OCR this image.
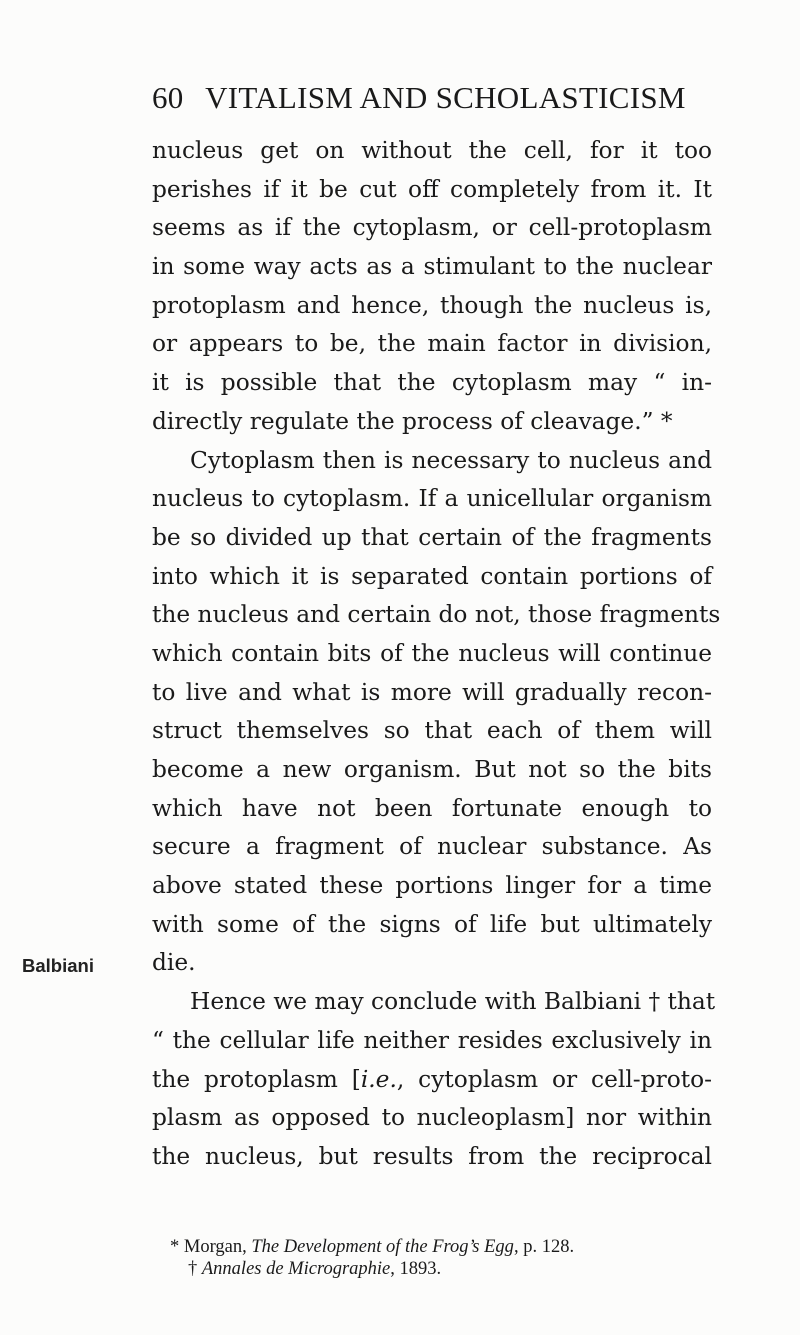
60 VITALISM AND SCHOLASTICISM
Balbiani
nucleus get on without the cell, for it too
perishes if it be cut off completely from it. It
seems as if the cytoplasm, or cell-protoplasm
in some way acts as a stimulant to the nuclear
protoplasm and hence, though the nucleus is,
or appears to be, the main factor in division,
it is possible that the cytoplasm may “ in-
directly regulate the process of cleavage.” *
Cytoplasm then is necessary to nucleus and
nucleus to cytoplasm. If a unicellular organism
be so divided up that certain of the fragments
into which it is separated contain portions of
the nucleus and certain do not, those fragments
which contain bits of the nucleus will continue
to live and what is more will gradually recon-
struct themselves so that each of them will
become a new organism. But not so the bits
which have not been fortunate enough to
secure a fragment of nuclear substance. As
above stated these portions linger for a time
with some of the signs of life but ultimately
die.
Hence we may conclude with Balbiani † that
“ the cellular life neither resides exclusively in
the protoplasm [i.e., cytoplasm or cell-proto-
plasm as opposed to nucleoplasm] nor within
the nucleus, but results from the reciprocal
* Morgan, The Development of the Frog’s Egg, p. 128.
† Annales de Micrographie, 1893.
